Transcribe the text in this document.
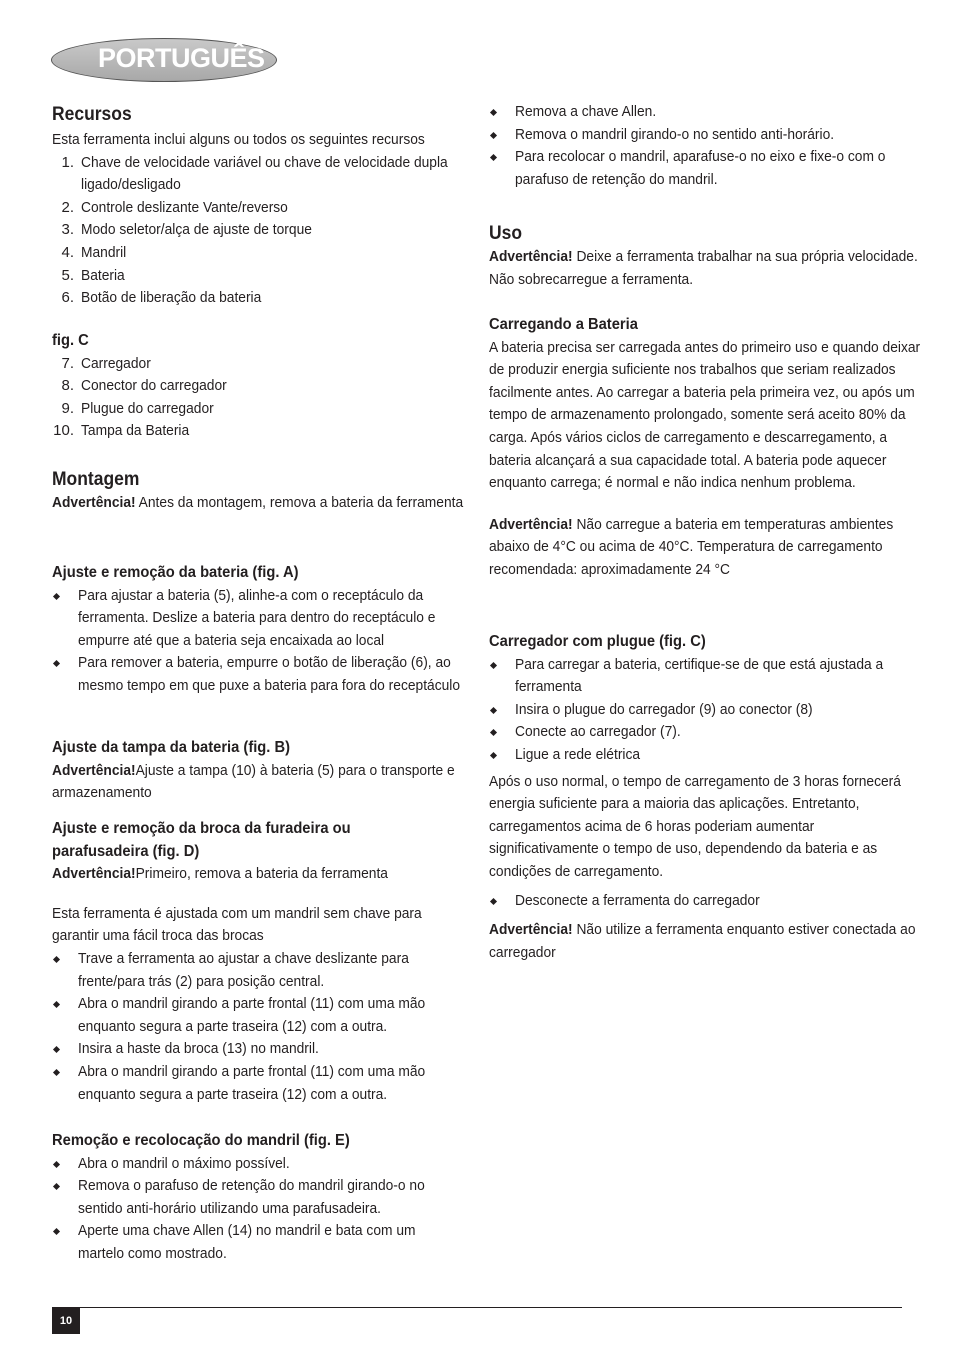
PORTUGUÊS
Recursos

Esta ferramenta inclui alguns ou todos os seguintes recursos

1. Chave de velocidade variável ou chave de velocidade dupla ligado/desligado
2. Controle deslizante Vante/reverso
3. Modo seletor/alça de ajuste de torque
4. Mandril
5. Bateria
6. Botão de liberação da bateria
fig. C
7. Carregador
8. Conector do carregador
9. Plugue do carregador
10. Tampa da Bateria
Montagem

Advertência! Antes da montagem, remova a bateria da ferramenta

Ajuste e remoção da bateria (fig. A)
Para ajustar a bateria (5), alinhe-a com o receptáculo da ferramenta. Deslize a bateria para dentro do receptáculo e empurre até que a bateria seja encaixada ao local
Para remover a bateria, empurre o botão de liberação (6), ao mesmo tempo em que puxe a bateria para fora do receptáculo
Ajuste da tampa da bateria (fig. B)

Advertência!Ajuste a tampa (10) à bateria (5) para o transporte e armazenamento

Ajuste e remoção da broca da furadeira ou parafusadeira (fig. D)

Advertência!Primeiro, remova a bateria da ferramenta

Esta ferramenta é ajustada com um mandril sem chave para garantir uma fácil troca das brocas

Trave a ferramenta ao ajustar a chave deslizante para frente/para trás (2) para posição central.
Abra o mandril girando a parte frontal (11) com uma mão enquanto segura a parte traseira (12) com a outra.
Insira a haste da broca (13) no mandril.
Abra o mandril girando a parte frontal (11) com uma mão enquanto segura a parte traseira (12) com a outra.
Remoção e recolocação do mandril (fig. E)
Abra o mandril o máximo possível.
Remova o parafuso de retenção do mandril girando-o no sentido anti-horário utilizando uma parafusadeira.
Aperte uma chave Allen (14) no mandril e bata com um martelo como mostrado.
Remova a chave Allen.
Remova o mandril girando-o no sentido anti-horário.
Para recolocar o mandril, aparafuse-o no eixo e fixe-o com o parafuso de retenção do mandril.
Uso

Advertência! Deixe a ferramenta trabalhar na sua própria velocidade. Não sobrecarregue a ferramenta.

Carregando a Bateria

A bateria precisa ser carregada antes do primeiro uso e quando deixar de produzir energia suficiente nos trabalhos que seriam realizados facilmente antes. Ao carregar a bateria pela primeira vez, ou após um tempo de armazenamento prolongado, somente será aceito 80% da carga. Após vários ciclos de carregamento e descarregamento, a bateria alcançará a sua capacidade total. A bateria pode aquecer enquanto carrega; é normal e não indica nenhum problema.

Advertência! Não carregue a bateria em temperaturas ambientes abaixo de 4°C ou acima de 40°C. Temperatura de carregamento recomendada: aproximadamente 24 °C

Carregador com plugue (fig. C)
Para carregar a bateria, certifique-se de que está ajustada a ferramenta
Insira o plugue do carregador (9) ao conector (8)
Conecte ao carregador (7).
Ligue a rede elétrica

Após o uso normal, o tempo de carregamento de 3 horas fornecerá energia suficiente para a maioria das aplicações. Entretanto, carregamentos acima de 6 horas poderiam aumentar significativamente o tempo de uso, dependendo da bateria e as condições de carregamento.

Desconecte a ferramenta do carregador

Advertência! Não utilize a ferramenta enquanto estiver conectada ao carregador

10
